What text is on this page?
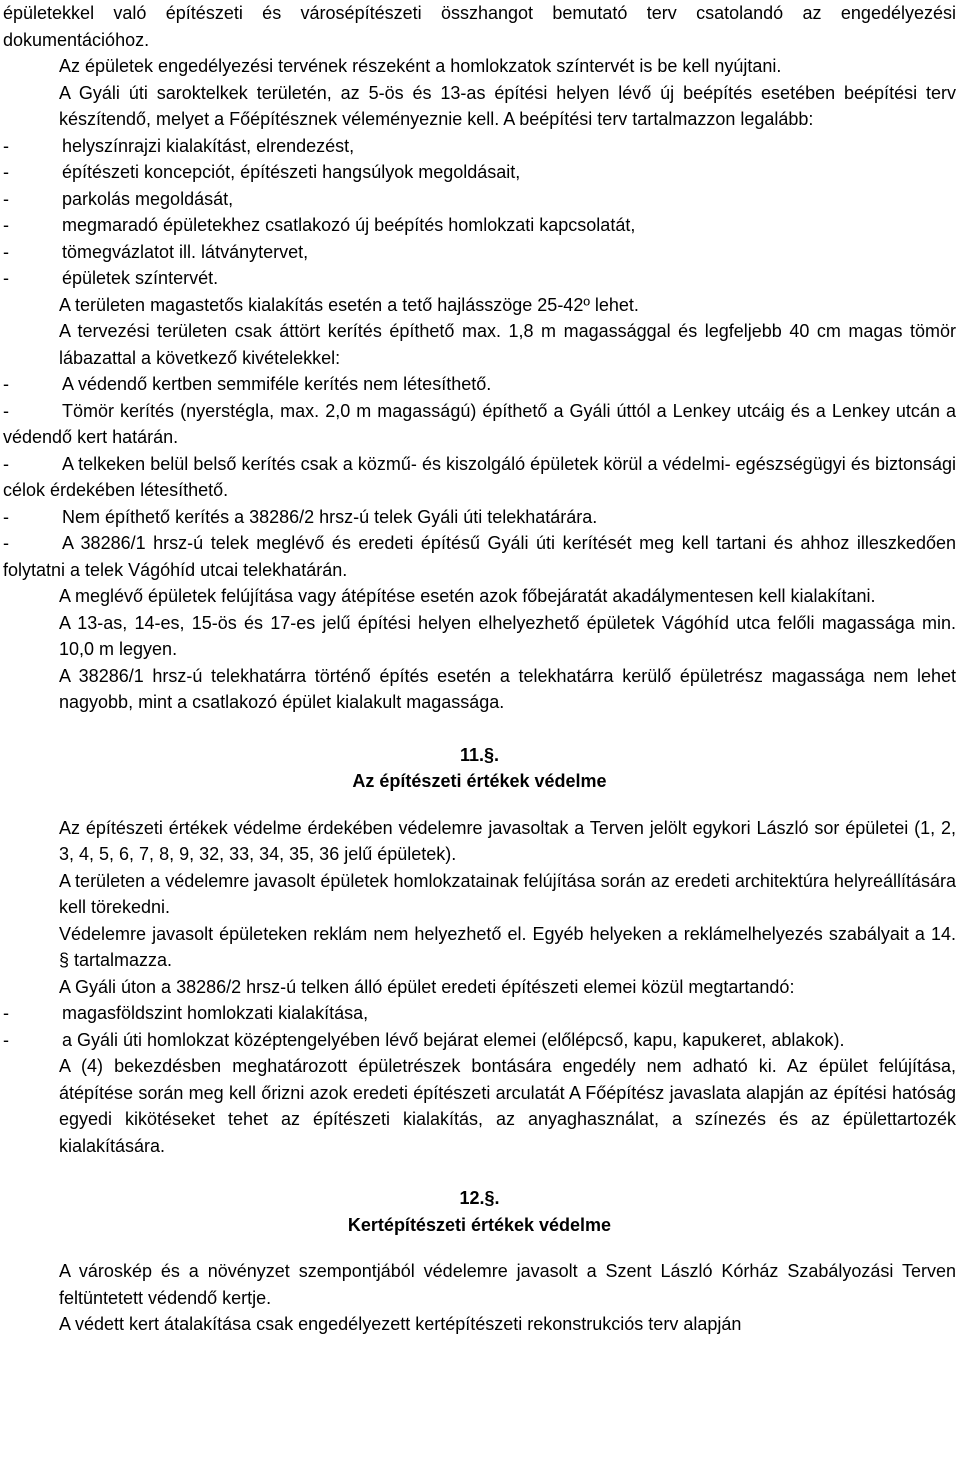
épületekkel való építészeti és városépítészeti összhangot bemutató terv csatolandó az engedélyezési dokumentációhoz.

Az épületek engedélyezési tervének részeként a homlokzatok színtervét is be kell nyújtani.

A Gyáli úti saroktelkek területén, az 5-ös és 13-as építési helyen lévő új beépítés esetében beépítési terv készítendő, melyet a Főépítésznek véleményeznie kell. A beépítési terv tartalmazzon legalább:

-	helyszínrajzi kialakítást, elrendezést,

-	építészeti koncepciót, építészeti hangsúlyok megoldásait,

-	parkolás megoldását,

-	megmaradó épületekhez csatlakozó új beépítés homlokzati kapcsolatát,

-	tömegvázlatot ill. látványtervet,

-	épületek színtervét.

A területen magastetős kialakítás esetén a tető hajlásszöge 25-42º lehet.

A tervezési területen csak áttört kerítés építhető max. 1,8 m magassággal és legfeljebb 40 cm magas tömör lábazattal a következő kivételekkel:

-	A védendő kertben semmiféle kerítés nem létesíthető.

-	Tömör kerítés (nyerstégla, max. 2,0 m magasságú) építhető a Gyáli úttól a Lenkey utcáig és a Lenkey utcán a védendő kert határán.

-	A telkeken belül belső kerítés csak a közmű- és kiszolgáló épületek körül a védelmi- egészségügyi és biztonsági célok érdekében létesíthető.

-	Nem építhető kerítés a 38286/2 hrsz-ú telek Gyáli úti telekhatárára.

-	A 38286/1 hrsz-ú telek meglévő és eredeti építésű Gyáli úti kerítését meg kell tartani és ahhoz illeszkedően folytatni a telek Vágóhíd utcai telekhatárán.

A meglévő épületek felújítása vagy átépítése esetén azok főbejáratát akadálymentesen kell kialakítani.

A 13-as, 14-es, 15-ös és 17-es jelű építési helyen elhelyezhető épületek Vágóhíd utca felőli magassága min. 10,0 m legyen.

A 38286/1 hrsz-ú telekhatárra történő építés esetén a telekhatárra kerülő épületrész magassága nem lehet nagyobb, mint a csatlakozó épület kialakult magassága.

11.§.

Az építészeti értékek védelme

Az építészeti értékek védelme érdekében védelemre javasoltak a Terven jelölt egykori László sor épületei (1, 2, 3, 4, 5, 6, 7, 8, 9, 32, 33, 34, 35, 36 jelű épületek).

A területen a védelemre javasolt épületek homlokzatainak felújítása során az eredeti architektúra helyreállítására kell törekedni.

Védelemre javasolt épületeken reklám nem helyezhető el. Egyéb helyeken a reklámelhelyezés szabályait a 14. § tartalmazza.

A Gyáli úton a 38286/2 hrsz-ú telken álló épület eredeti építészeti elemei közül megtartandó:

-	magasföldszint homlokzati kialakítása,

-	a Gyáli úti homlokzat középtengelyében lévő bejárat elemei (előlépcső, kapu, kapukeret, ablakok).

A (4) bekezdésben meghatározott épületrészek bontására engedély nem adható ki. Az épület felújítása, átépítése során meg kell őrizni azok eredeti építészeti arculatát A Főépítész javaslata alapján az építési hatóság egyedi kikötéseket tehet az építészeti kialakítás, az anyaghasználat, a színezés és az épülettartozék kialakítására.

12.§.

Kertépítészeti értékek védelme

A városkép és a növényzet szempontjából védelemre javasolt a Szent László Kórház Szabályozási Terven feltüntetett védendő kertje.

A védett kert átalakítása csak engedélyezett kertépítészeti rekonstrukciós terv alapján
